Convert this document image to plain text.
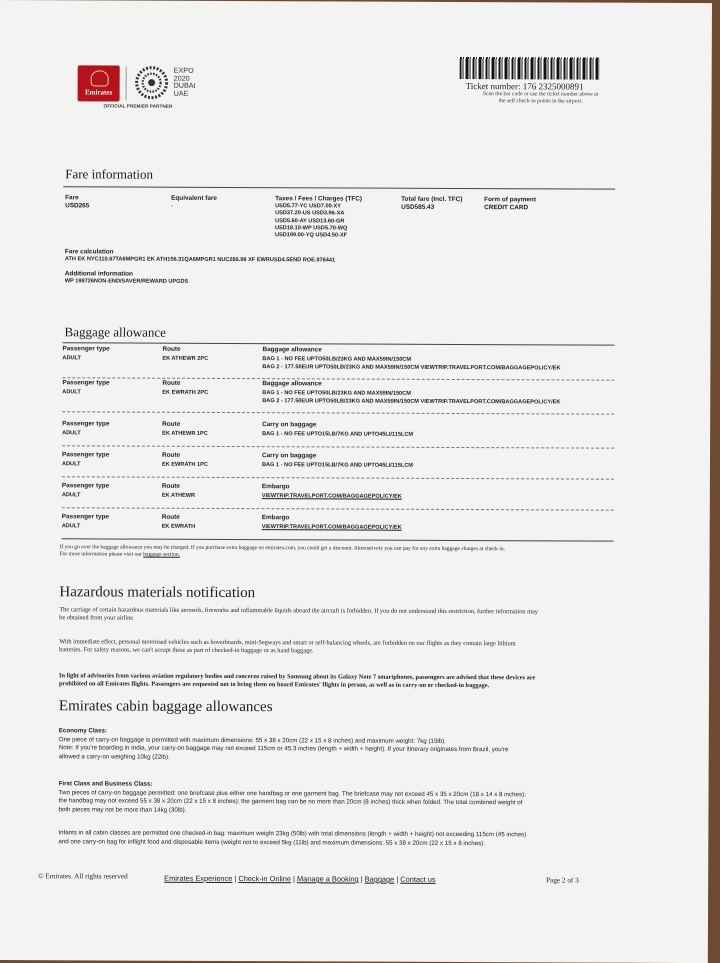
Emirates
EXPO
2020
DUBAI
UAE
OFFICIAL PREMIER PARTNER
Ticket number: 176 2325000891
Scan the bar code or use the ticket number above at
the self check-in points in the airport.
Fare information
Fare
USD265
Equivalent fare
-
Taxes / Fees / Charges (TFC)
USD5.77-YC USD7.00-XY
USD37.20-US USD3.96-XA
USD5.60-AY USD13.60-GR
USD18.10-WP USD5.70-WQ
USD199.00-YQ USD4.50-XF
Total fare (Incl. TFC)
USD585.43
Form of payment
CREDIT CARD
Fare calculation
ATH EK NYC110.67TA6MPGR1 EK ATH156.31QA6MPGR1 NUC266.98 XF EWRUSD4.5END ROE.876441
Additional information
WP 198726NON-END/SAVER/REWARD UPGDS
Baggage allowance
Passenger type
ADULT
Route
EK ATHEWR 2PC
Baggage allowance
BAG 1 - NO FEE UPTO50LB/23KG AND MAX59IN/150CM
BAG 2 - 177.50EUR UPTO50LB/23KG AND MAX59IN/150CM VIEWTRIP.TRAVELPORT.COM/BAGGAGEPOLICY/EK
Passenger type
ADULT
Route
EK EWRATH 2PC
Baggage allowance
BAG 1 - NO FEE UPTO50LB/23KG AND MAX59IN/150CM
BAG 2 - 177.50EUR UPTO50LB/23KG AND MAX59IN/150CM VIEWTRIP.TRAVELPORT.COM/BAGGAGEPOLICY/EK
Passenger type
ADULT
Route
EK ATHEWR 1PC
Carry on baggage
BAG 1 - NO FEE UPTO15LB/7KG AND UPTO45LI/115LCM
Passenger type
ADULT
Route
EK EWRATH 1PC
Carry on baggage
BAG 1 - NO FEE UPTO15LB/7KG AND UPTO45LI/115LCM
Passenger type
ADULT
Route
EK ATHEWR
Embargo
VIEWTRIP.TRAVELPORT.COM/BAGGAGEPOLICY/EK
Passenger type
ADULT
Route
EK EWRATH
Embargo
VIEWTRIP.TRAVELPORT.COM/BAGGAGEPOLICY/EK
If you go over the baggage allowance you may be charged. If you purchase extra baggage on emirates.com, you could get a discount. Alternatively you can pay for any extra baggage charges at check-in.
For more information please visit our baggage section.
Hazardous materials notification
The carriage of certain hazardous materials like aerosols, fireworks and inflammable liquids aboard the aircraft is forbidden. If you do not understand this restriction, further information may
be obtained from your airline.
With immediate effect, personal motorised vehicles such as hoverboards, mini-Segways and smart or self-balancing wheels, are forbidden on our flights as they contain large lithium
batteries. For safety reasons, we can't accept these as part of checked-in baggage or as hand baggage.
In light of advisories from various aviation regulatory bodies and concerns raised by Samsung about its Galaxy Note 7 smartphones, passengers are advised that these devices are
prohibited on all Emirates flights. Passengers are requested not to bring them on board Emirates' flights in person, as well as in carry-on or checked-in baggage.
Emirates cabin baggage allowances
Economy Class:
One piece of carry-on baggage is permitted with maximum dimensions: 55 x 38 x 20cm (22 x 15 x 8 inches) and maximum weight: 7kg (15lb).
Note: If you're boarding in India, your carry-on baggage may not exceed 115cm or 45.3 inches (length + width + height). If your itinerary originates from Brazil, you're
allowed a carry-on weighing 10kg (22lb).
First Class and Business Class:
Two pieces of carry-on baggage permitted: one briefcase plus either one handbag or one garment bag. The briefcase may not exceed 45 x 35 x 20cm (18 x 14 x 8 inches);
the handbag may not exceed 55 x 38 x 20cm (22 x 15 x 8 inches); the garment bag can be no more than 20cm (8 inches) thick when folded. The total combined weight of
both pieces may not be more than 14kg (30lb).
Infants in all cabin classes are permitted one checked-in bag: maximum weight 23kg (50lb) with total dimensions (length + width + height) not exceeding 115cm (45 inches)
and one carry-on bag for inflight food and disposable items (weight not to exceed 5kg (11lb) and maximum dimensions: 55 x 38 x 20cm (22 x 15 x 8 inches).
© Emirates. All rights reserved	Emirates Experience | Check-in Online | Manage a Booking | Baggage | Contact us	Page 2 of 3
